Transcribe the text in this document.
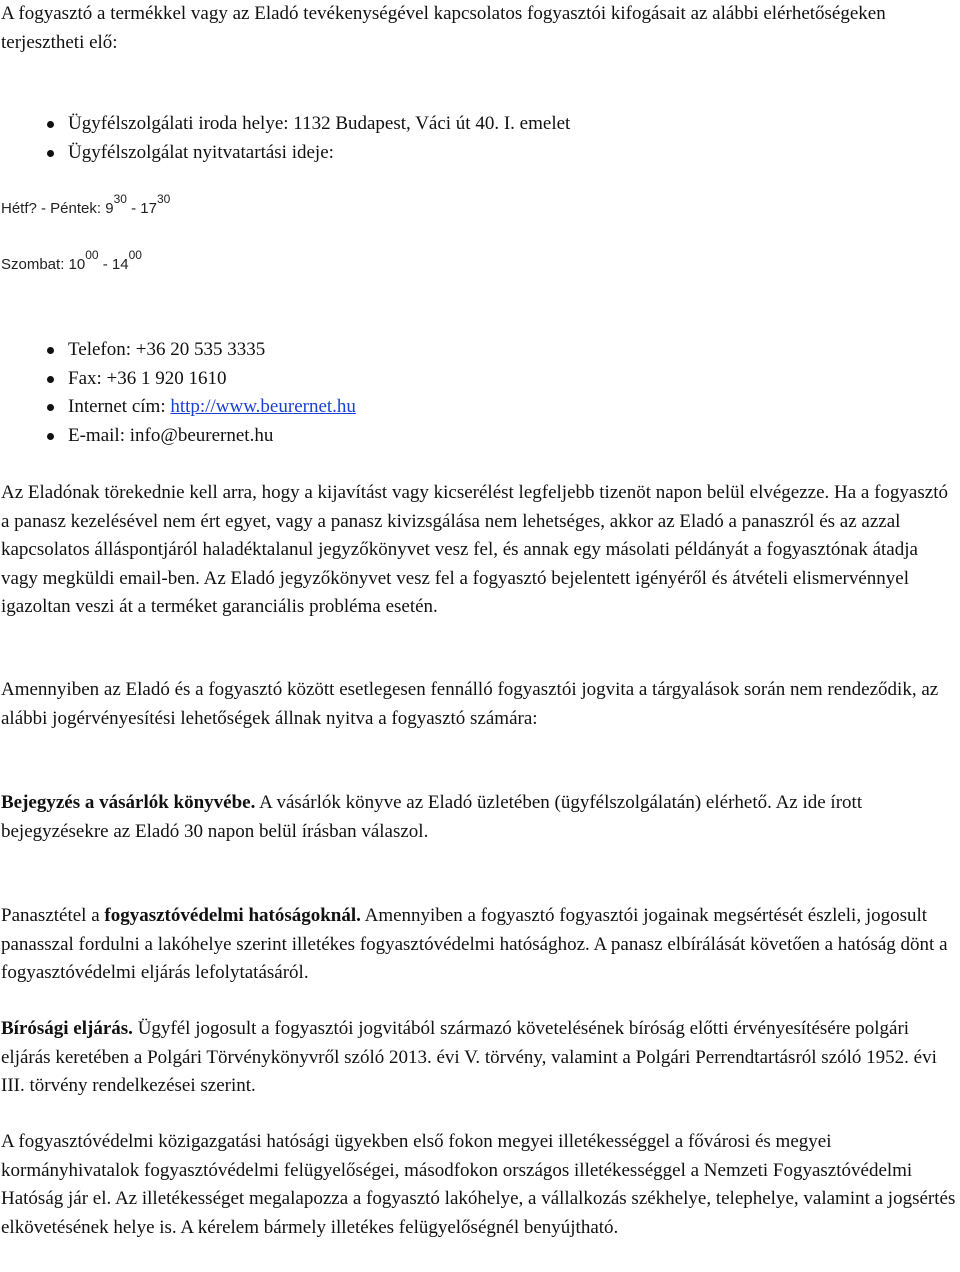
A fogyasztó a termékkel vagy az Eladó tevékenységével kapcsolatos fogyasztói kifogásait az alábbi elérhetőségeken terjesztheti elő:

Ügyfélszolgálati iroda helye: 1132 Budapest, Váci út 40. I. emelet
Ügyfélszolgálat nyitvatartási ideje:
Hétf? - Péntek: $9^{30} - 17^{30}$
Szombat: $10^{00} - 14^{00}$
Telefon: +36 20 535 3335
Fax: +36 1 920 1610
Internet cím: http://www.beurernet.hu
E-mail: info@beurernet.hu

Az Eladónak törekednie kell arra, hogy a kijavítást vagy kicserélést legfeljebb tizenöt napon belül elvégezze. Ha a fogyasztó a panasz kezelésével nem ért egyet, vagy a panasz kivizsgálása nem lehetséges, akkor az Eladó a panaszról és az azzal kapcsolatos álláspontjáról haladéktalanul jegyzőkönyvet vesz fel, és annak egy másolati példányát a fogyasztónak átadja vagy megküldi email-ben. Az Eladó jegyzőkönyvet vesz fel a fogyasztó bejelentett igényéről és átvételi elismervénnyel igazoltan veszi át a terméket garanciális probléma esetén.

Amennyiben az Eladó és a fogyasztó között esetlegesen fennálló fogyasztói jogvita a tárgyalások során nem rendeződik, az alábbi jogérvényesítési lehetőségek állnak nyitva a fogyasztó számára:

Bejegyzés a vásárlók könyvébe. A vásárlók könyve az Eladó üzletében (ügyfélszolgálatán) elérhető. Az ide írott bejegyzésekre az Eladó 30 napon belül írásban válaszol.

Panasztétel a fogyasztóvédelmi hatóságoknál. Amennyiben a fogyasztó fogyasztói jogainak megsértését észleli, jogosult panasszal fordulni a lakóhelye szerint illetékes fogyasztóvédelmi hatósághoz. A panasz elbírálását követően a hatóság dönt a fogyasztóvédelmi eljárás lefolytatásáról.

Bírósági eljárás. Ügyfél jogosult a fogyasztói jogvitából származó követelésének bíróság előtti érvényesítésére polgári eljárás keretében a Polgári Törvénykönyvről szóló 2013. évi V. törvény, valamint a Polgári Perrendtartásról szóló 1952. évi III. törvény rendelkezései szerint.

A fogyasztóvédelmi közigazgatási hatósági ügyekben első fokon megyei illetékességgel a fővárosi és megyei kormányhivatalok fogyasztóvédelmi felügyelőségei, másodfokon országos illetékességgel a Nemzeti Fogyasztóvédelmi Hatóság jár el. Az illetékességet megalapozza a fogyasztó lakóhelye, a vállalkozás székhelye, telephelye, valamint a jogsértés elkövetésének helye is. A kérelem bármely illetékes felügyelőségnél benyújtható.
